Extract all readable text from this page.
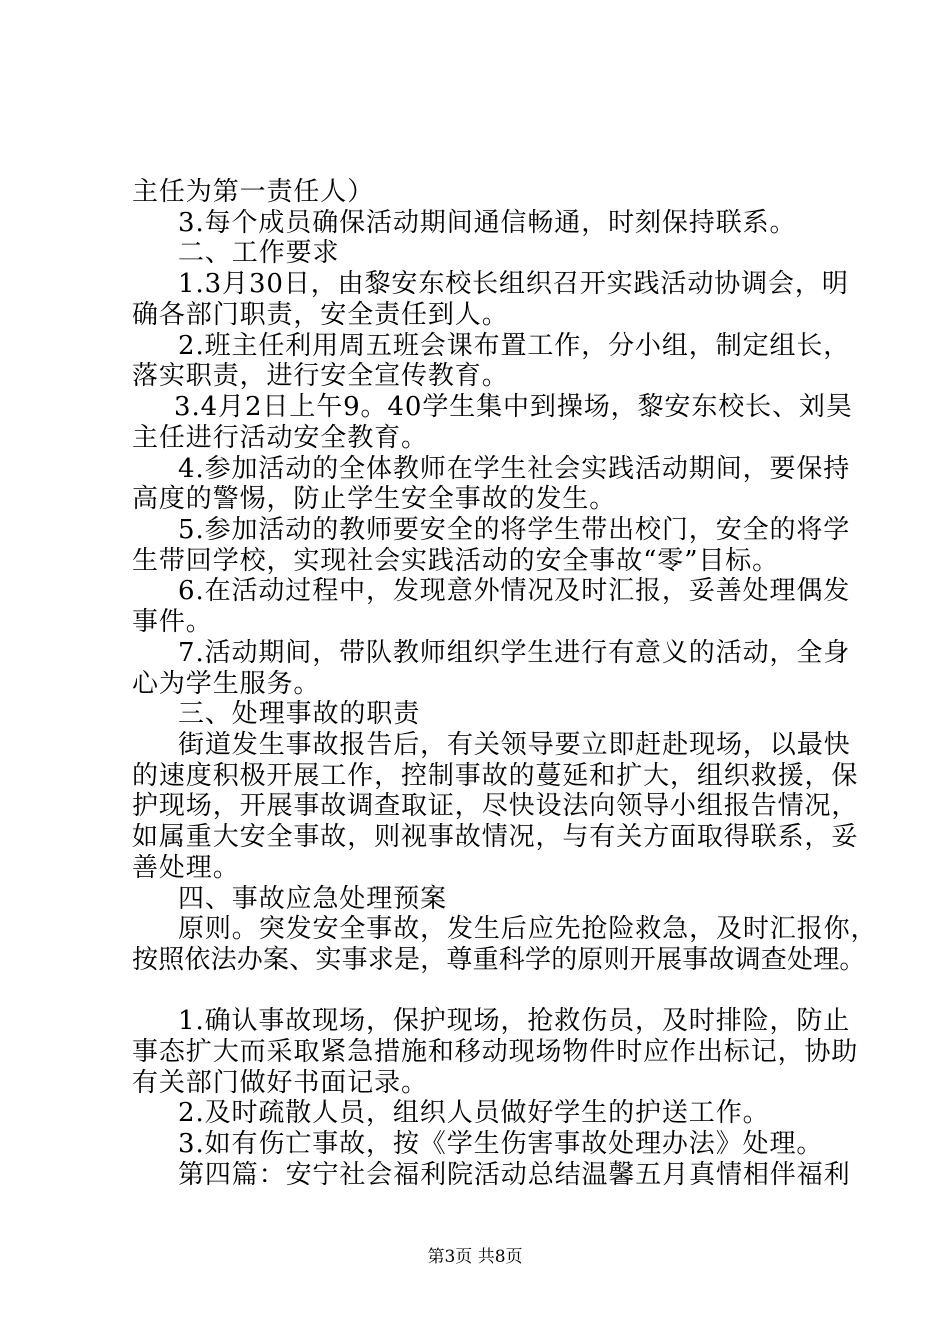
主任为第一责任人）
3.每个成员确保活动期间通信畅通，时刻保持联系。
二、工作要求
1.3月30日，由黎安东校长组织召开实践活动协调会，明
确各部门职责，安全责任到人。
2.班主任利用周五班会课布置工作，分小组，制定组长，
落实职责，进行安全宣传教育。
3.4月2日上午9。40学生集中到操场，黎安东校长、刘昊
主任进行活动安全教育。
4.参加活动的全体教师在学生社会实践活动期间，要保持
高度的警惕，防止学生安全事故的发生。
5.参加活动的教师要安全的将学生带出校门，安全的将学
生带回学校，实现社会实践活动的安全事故“零”目标。
6.在活动过程中，发现意外情况及时汇报，妥善处理偶发
事件。
7.活动期间，带队教师组织学生进行有意义的活动，全身
心为学生服务。
三、处理事故的职责
街道发生事故报告后，有关领导要立即赶赴现场，以最快
的速度积极开展工作，控制事故的蔓延和扩大，组织救援，保
护现场，开展事故调查取证，尽快设法向领导小组报告情况，
如属重大安全事故，则视事故情况，与有关方面取得联系，妥
善处理。
四、事故应急处理预案
原则。突发安全事故，发生后应先抢险救急，及时汇报你，
按照依法办案、实事求是，尊重科学的原则开展事故调查处理。
1.确认事故现场，保护现场，抢救伤员，及时排险，防止
事态扩大而采取紧急措施和移动现场物件时应作出标记，协助
有关部门做好书面记录。
2.及时疏散人员，组织人员做好学生的护送工作。
3.如有伤亡事故，按《学生伤害事故处理办法》处理。
第四篇：安宁社会福利院活动总结温馨五月真情相伴福利
第3页 共8页
